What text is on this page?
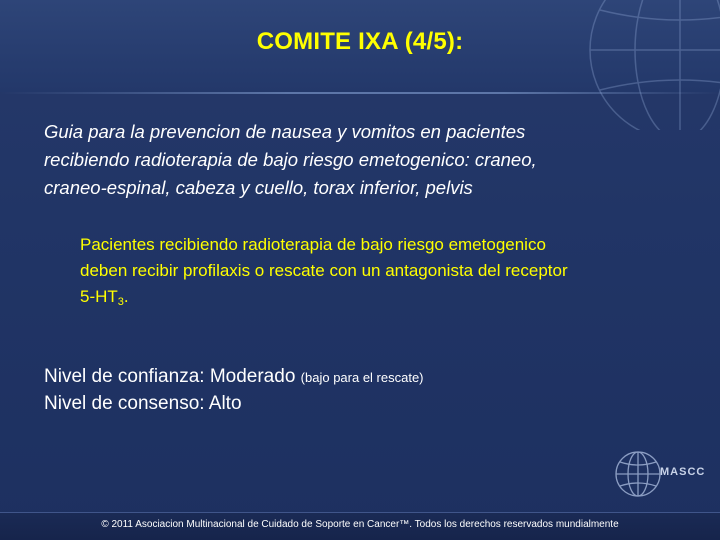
COMITE IXA (4/5):
Guia para la prevencion de nausea y vomitos en pacientes
recibiendo radioterapia de bajo riesgo emetogenico: craneo,
craneo-espinal, cabeza y cuello, torax inferior, pelvis
Pacientes recibiendo radioterapia de bajo riesgo emetogenico
deben recibir profilaxis o rescate con un antagonista del receptor
$5-HT_3$.
Nivel de confianza: Moderado (bajo para el rescate)
Nivel de consenso: Alto
MASCC
© 2011 Asociacion Multinacional de Cuidado de Soporte en Cancer™. Todos los derechos reservados mundialmente
